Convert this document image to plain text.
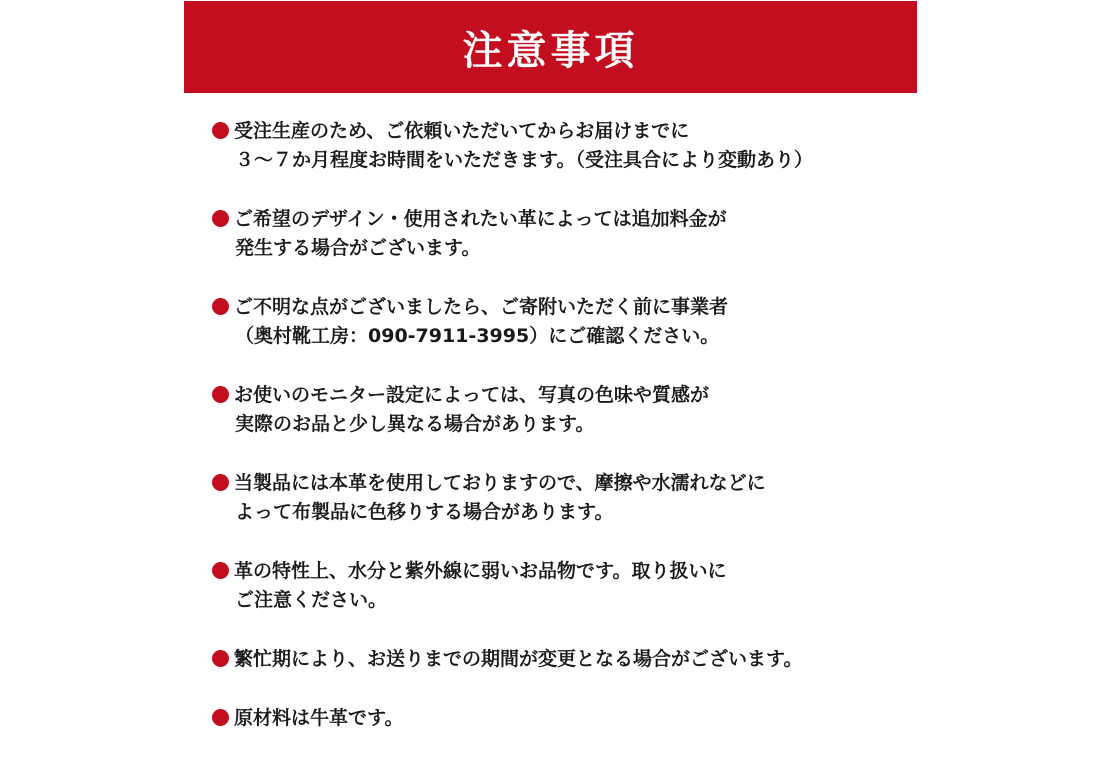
注意事項
受注生産のため、ご依頼いただいてからお届けまでに
３～７か月程度お時間をいただきます。（受注具合により変動あり）
ご希望のデザイン・使用されたい革によっては追加料金が
発生する場合がございます。
ご不明な点がございましたら、ご寄附いただく前に事業者
（奥村靴工房：090-7911-3995）にご確認ください。
お使いのモニター設定によっては、写真の色味や質感が
実際のお品と少し異なる場合があります。
当製品には本革を使用しておりますので、摩擦や水濡れなどに
よって布製品に色移りする場合があります。
革の特性上、水分と紫外線に弱いお品物です。取り扱いに
ご注意ください。
繁忙期により、お送りまでの期間が変更となる場合がございます。
原材料は牛革です。
